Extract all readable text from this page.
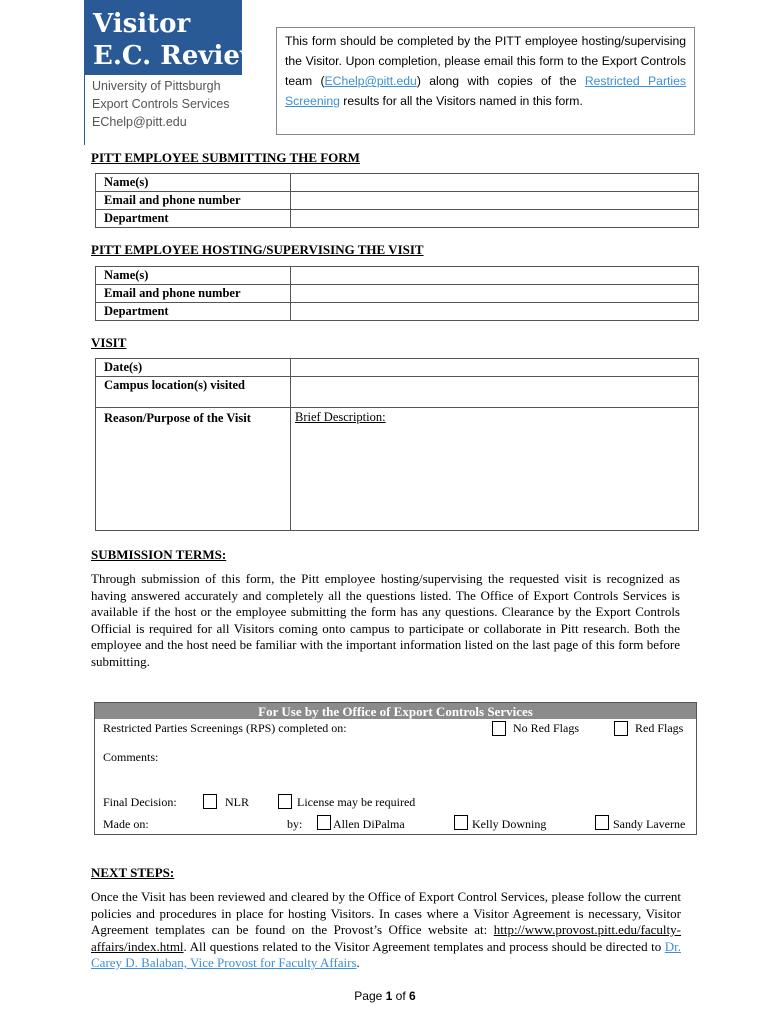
Visitor
E.C. Review
University of Pittsburgh
Export Controls Services
EChelp@pitt.edu
This form should be completed by the PITT employee hosting/supervising the Visitor. Upon completion, please email this form to the Export Controls team (EChelp@pitt.edu) along with copies of the Restricted Parties Screening results for all the Visitors named in this form.
PITT EMPLOYEE SUBMITTING THE FORM
Name(s)	
Email and phone number	
Department	
PITT EMPLOYEE HOSTING/SUPERVISING THE VISIT
Name(s)	
Email and phone number	
Department	
VISIT
Date(s)	
Campus location(s) visited	
Reason/Purpose of the Visit	Brief Description:
SUBMISSION TERMS:

Through submission of this form, the Pitt employee hosting/supervising the requested visit is recognized as having answered accurately and completely all the questions listed. The Office of Export Controls Services is available if the host or the employee submitting the form has any questions. Clearance by the Export Controls Official is required for all Visitors coming onto campus to participate or collaborate in Pitt research. Both the employee and the host need be familiar with the important information listed on the last page of this form before submitting.

For Use by the Office of Export Controls Services
Restricted Parties Screenings (RPS) completed on:	No Red Flags	Red Flags
Comments:
Final Decision:	NLR	License may be required
Made on:	by:	Allen DiPalma	Kelly Downing	Sandy Laverne
NEXT STEPS:

Once the Visit has been reviewed and cleared by the Office of Export Control Services, please follow the current policies and procedures in place for hosting Visitors. In cases where a Visitor Agreement is necessary, Visitor Agreement templates can be found on the Provost’s Office website at: http://www.provost.pitt.edu/faculty-affairs/index.html. All questions related to the Visitor Agreement templates and process should be directed to Dr. Carey D. Balaban, Vice Provost for Faculty Affairs.

Page 1 of 6
